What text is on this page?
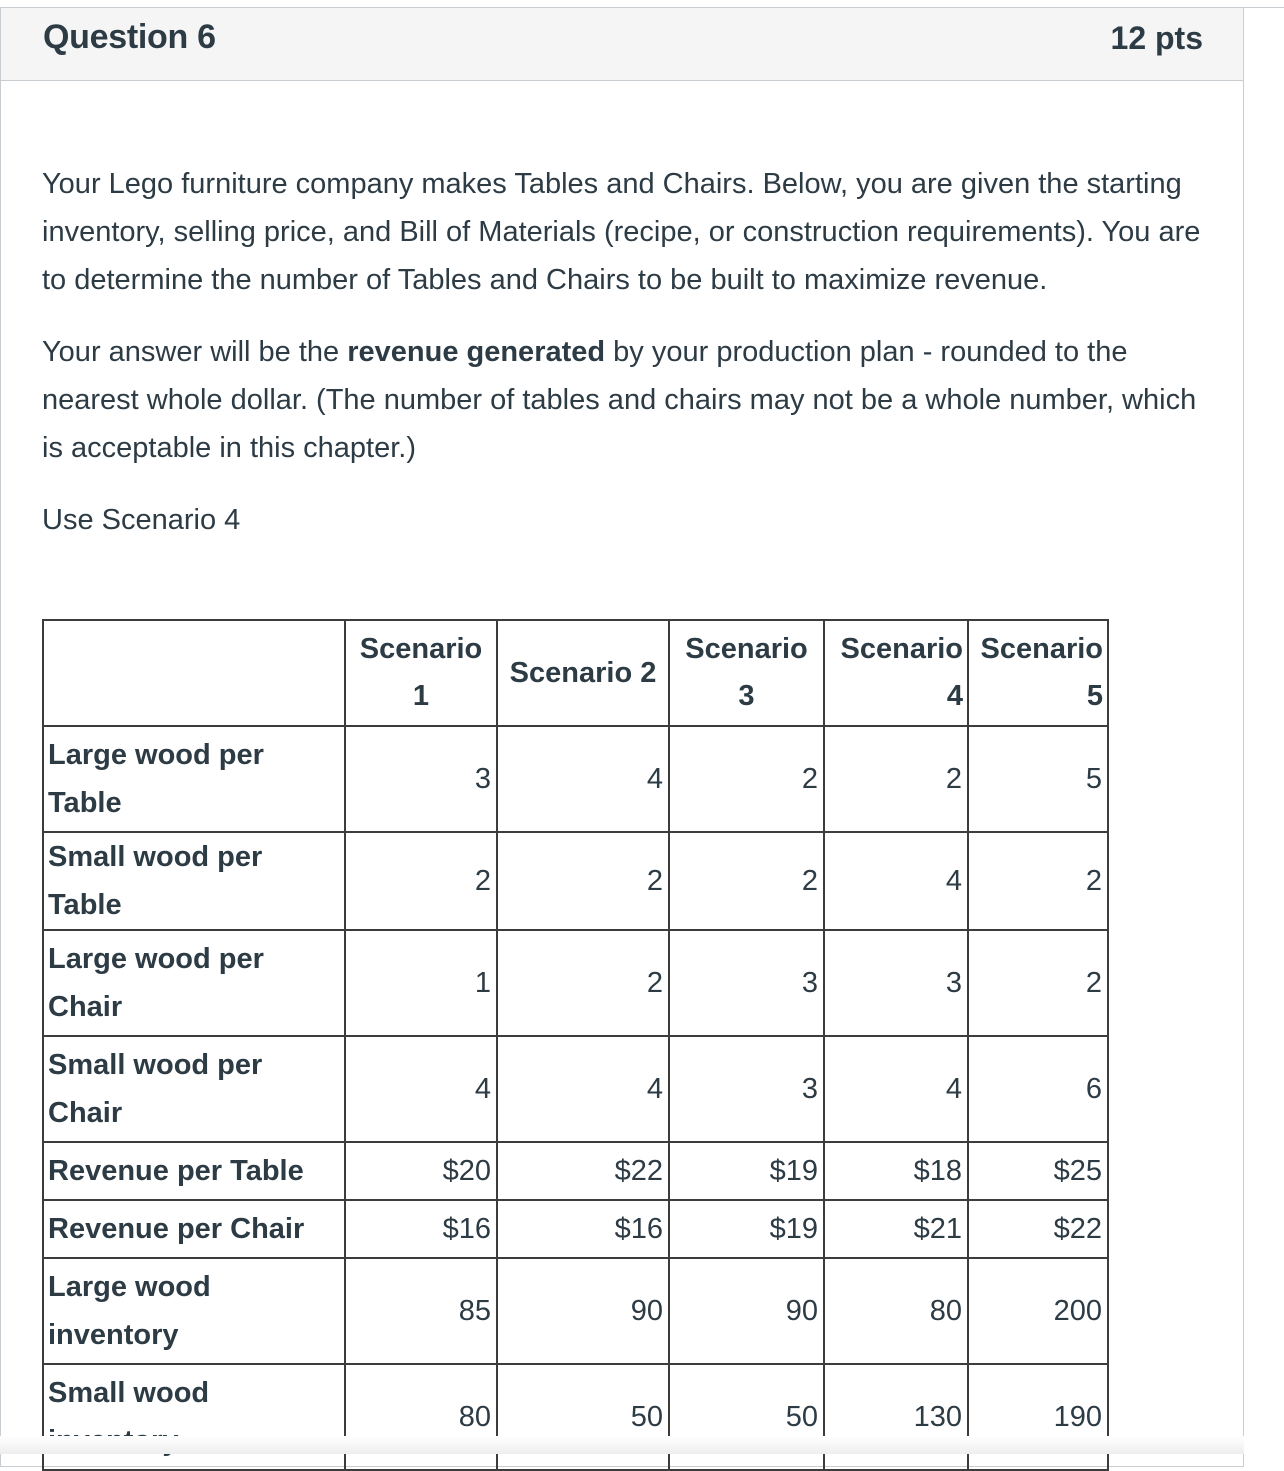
Question 6	12 pts

Your Lego furniture company makes Tables and Chairs. Below, you are given the starting inventory, selling price, and Bill of Materials (recipe, or construction requirements). You are to determine the number of Tables and Chairs to be built to maximize revenue.

Your answer will be the revenue generated by your production plan - rounded to the nearest whole dollar. (The number of tables and chairs may not be a whole number, which is acceptable in this chapter.)

Use Scenario 4

	Scenario 1	Scenario 2	Scenario 3	Scenario 4	Scenario 5
Large wood per Table	3	4	2	2	5
Small wood per Table	2	2	2	4	2
Large wood per Chair	1	2	3	3	2
Small wood per Chair	4	4	3	4	6
Revenue per Table	$20	$22	$19	$18	$25
Revenue per Chair	$16	$16	$19	$21	$22
Large wood inventory	85	90	90	80	200
Small wood	80	50	50	130	190
